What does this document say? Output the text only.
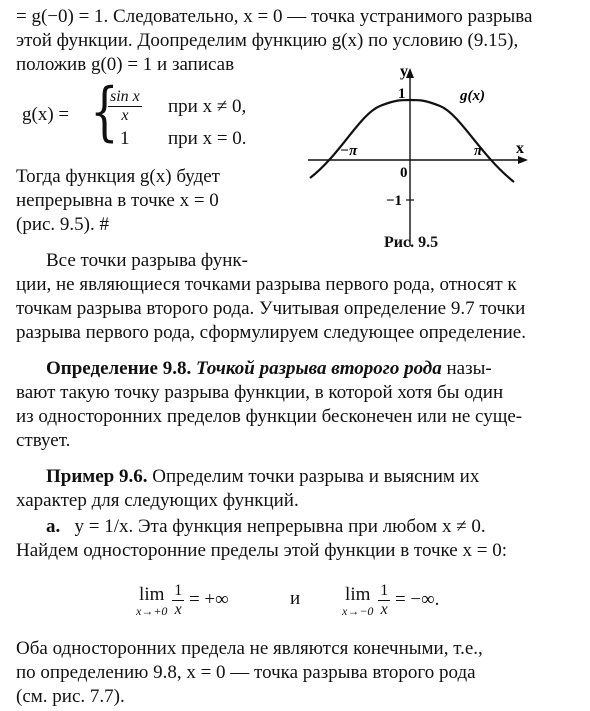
= g(−0) = 1. Следовательно, x = 0 — точка устранимого разрыва
этой функции. Доопределим функцию g(x) по условию (9.15),
положив g(0) = 1 и записав
g(x) = {
$\frac{\text{sin x}}{x}$ при x ≠ 0,
1 при x = 0.
Тогда функция g(x) будет
непрерывна в точке x = 0
(рис. 9.5). #
Все точки разрыва функ-
y
x
1
−1
0
−π	π
g(x)
Рис. 9.5
ции, не являющиеся точками разрыва первого рода, относят к
точкам разрыва второго рода. Учитывая определение 9.7 точки
разрыва первого рода, сформулируем следующее определение.
Определение 9.8. Точкой разрыва второго рода назы-
вают такую точку разрыва функции, в которой хотя бы один
из односторонних пределов функции бесконечен или не суще-
ствует.
Пример 9.6. Определим точки разрыва и выясним их
характер для следующих функций.
а. y = 1/x. Эта функция непрерывна при любом x ≠ 0.
Найдем односторонние пределы этой функции в точке x = 0:
lim
x→+0
$\frac{1}{x}$ = +∞	и lim
x→−0
$\frac{1}{x}$ = −∞.
Оба односторонних предела не являются конечными, т.е.,
по определению 9.8, x = 0 — точка разрыва второго рода
(см. рис. 7.7).
